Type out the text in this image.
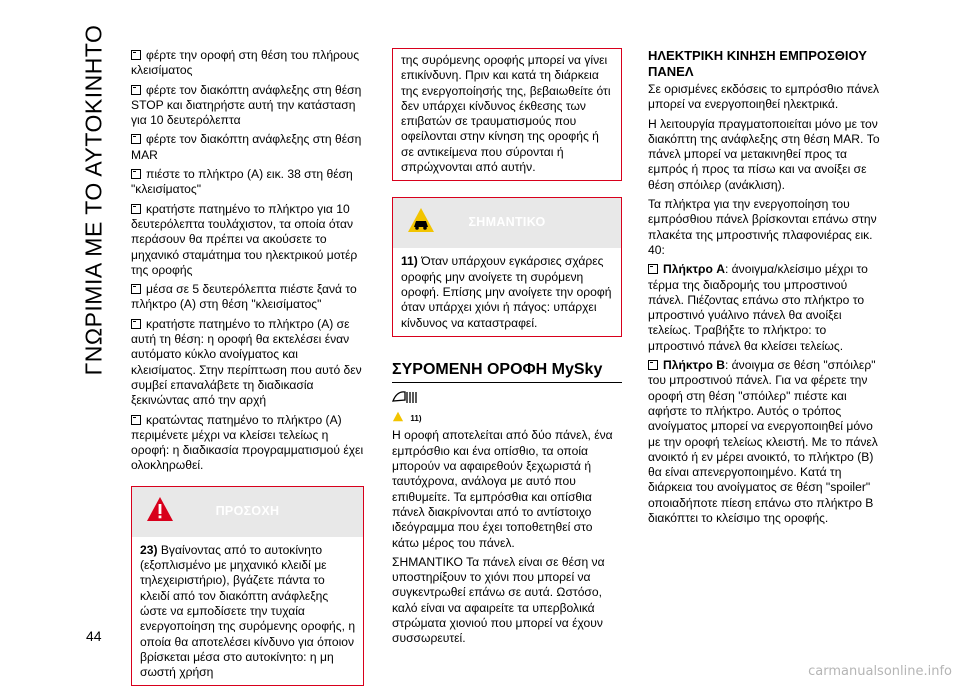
ΓΝΩΡΙΜΙΑ ΜΕ ΤΟ ΑΥΤΟΚΙΝΗΤΟ
44
φέρτε την οροφή στη θέση του πλήρους κλεισίματος
φέρτε τον διακόπτη ανάφλεξης στη θέση STOP και διατηρήστε αυτή την κατάσταση για 10 δευτερόλεπτα
φέρτε τον διακόπτη ανάφλεξης στη θέση MAR
πιέστε το πλήκτρο (A) εικ. 38 στη θέση "κλεισίματος"
κρατήστε πατημένο το πλήκτρο για 10 δευτερόλεπτα τουλάχιστον, τα οποία όταν περάσουν θα πρέπει να ακούσετε το μηχανικό σταμάτημα του ηλεκτρικού μοτέρ της οροφής
μέσα σε 5 δευτερόλεπτα πιέστε ξανά το πλήκτρο (A) στη θέση "κλεισίματος"
κρατήστε πατημένο το πλήκτρο (A) σε αυτή τη θέση: η οροφή θα εκτελέσει έναν αυτόματο κύκλο ανοίγματος και κλεισίματος. Στην περίπτωση που αυτό δεν συμβεί επαναλάβετε τη διαδικασία ξεκινώντας από την αρχή
κρατώντας πατημένο το πλήκτρο (A) περιμένετε μέχρι να κλείσει τελείως η οροφή: η διαδικασία προγραμματισμού έχει ολοκληρωθεί.
ΠΡΟΣΟΧΗ
23) Βγαίνοντας από το αυτοκίνητο (εξοπλισμένο με μηχανικό κλειδί με τηλεχειριστήριο), βγάζετε πάντα το κλειδί από τον διακόπτη ανάφλεξης ώστε να εμποδίσετε την τυχαία ενεργοποίηση της συρόμενης οροφής, η οποία θα αποτελέσει κίνδυνο για όποιον βρίσκεται μέσα στο αυτοκίνητο: η μη σωστή χρήση
της συρόμενης οροφής μπορεί να γίνει επικίνδυνη. Πριν και κατά τη διάρκεια της ενεργοποίησής της, βεβαιωθείτε ότι δεν υπάρχει κίνδυνος έκθεσης των επιβατών σε τραυματισμούς που οφείλονται στην κίνηση της οροφής ή σε αντικείμενα που σύρονται ή σπρώχνονται από αυτήν.
ΣΗΜΑΝΤΙΚΟ
11) Όταν υπάρχουν εγκάρσιες σχάρες οροφής μην ανοίγετε τη συρόμενη οροφή. Επίσης μην ανοίγετε την οροφή όταν υπάρχει χιόνι ή πάγος: υπάρχει κίνδυνος να καταστραφεί.
ΣΥΡΟΜΕΝΗ ΟΡΟΦΗ MySky
$^{11)}$
Η οροφή αποτελείται από δύο πάνελ, ένα εμπρόσθιο και ένα οπίσθιο, τα οποία μπορούν να αφαιρεθούν ξεχωριστά ή ταυτόχρονα, ανάλογα με αυτό που επιθυμείτε. Τα εμπρόσθια και οπίσθια πάνελ διακρίνονται από το αντίστοιχο ιδεόγραμμα που έχει τοποθετηθεί στο κάτω μέρος του πάνελ.
ΣΗΜΑΝΤΙΚΟ Τα πάνελ είναι σε θέση να υποστηρίξουν το χιόνι που μπορεί να συγκεντρωθεί επάνω σε αυτά. Ωστόσο, καλό είναι να αφαιρείτε τα υπερβολικά στρώματα χιονιού που μπορεί να έχουν συσσωρευτεί.
ΗΛΕΚΤΡΙΚΗ ΚΙΝΗΣΗ ΕΜΠΡΟΣΘΙΟΥ ΠΑΝΕΛ
Σε ορισμένες εκδόσεις το εμπρόσθιο πάνελ μπορεί να ενεργοποιηθεί ηλεκτρικά.
Η λειτουργία πραγματοποιείται μόνο με τον διακόπτη της ανάφλεξης στη θέση MAR. Το πάνελ μπορεί να μετακινηθεί προς τα εμπρός ή προς τα πίσω και να ανοίξει σε θέση σπόιλερ (ανάκλιση).
Τα πλήκτρα για την ενεργοποίηση του εμπρόσθιου πάνελ βρίσκονται επάνω στην πλακέτα της μπροστινής πλαφονιέρας εικ. 40:
Πλήκτρο A: άνοιγμα/κλείσιμο μέχρι το τέρμα της διαδρομής του μπροστινού πάνελ. Πιέζοντας επάνω στο πλήκτρο το μπροστινό γυάλινο πάνελ θα ανοίξει τελείως. Τραβήξτε το πλήκτρο: το μπροστινό πάνελ θα κλείσει τελείως.
Πλήκτρο B: άνοιγμα σε θέση "σπόιλερ" του μπροστινού πάνελ. Για να φέρετε την οροφή στη θέση "σπόιλερ" πιέστε και αφήστε το πλήκτρο. Αυτός ο τρόπος ανοίγματος μπορεί να ενεργοποιηθεί μόνο με την οροφή τελείως κλειστή. Με το πάνελ ανοικτό ή εν μέρει ανοικτό, το πλήκτρο (B) θα είναι απενεργοποιημένο. Κατά τη διάρκεια του ανοίγματος σε θέση "spoiler" οποιαδήποτε πίεση επάνω στο πλήκτρο B διακόπτει το κλείσιμο της οροφής.
carmanualsonline.info
